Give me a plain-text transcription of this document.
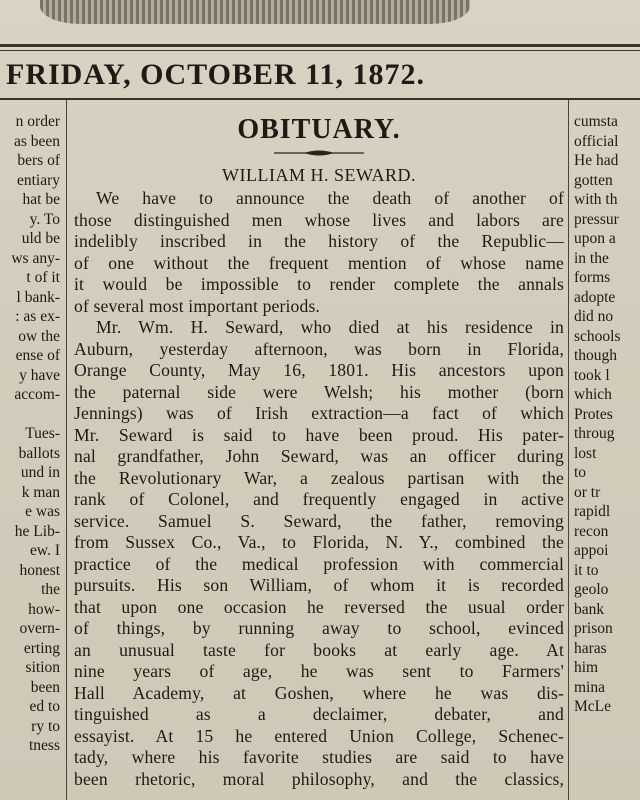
FRIDAY, OCTOBER 11, 1872.
n order
as been
bers of
entiary
hat be
y. To
uld be
ws any-
t of it
l bank-
: as ex-
ow the
ense of
y have
accom-

Tues-
ballots
und in
k man
e was
he Lib-
ew. I
honest
the
how-
overn-
erting
sition
been
ed to
ry to
tness
OBITUARY.
WILLIAM H. SEWARD.
We have to announce the death of another of
those distinguished men whose lives and labors are
indelibly inscribed in the history of the Republic—
of one without the frequent mention of whose name
it would be impossible to render complete the annals
of several most important periods.
Mr. Wm. H. Seward, who died at his residence in
Auburn, yesterday afternoon, was born in Florida,
Orange County, May 16, 1801. His ancestors upon
the paternal side were Welsh; his mother (born
Jennings) was of Irish extraction—a fact of which
Mr. Seward is said to have been proud. His pater-
nal grandfather, John Seward, was an officer during
the Revolutionary War, a zealous partisan with the
rank of Colonel, and frequently engaged in active
service. Samuel S. Seward, the father, removing
from Sussex Co., Va., to Florida, N. Y., combined the
practice of the medical profession with commercial
pursuits. His son William, of whom it is recorded
that upon one occasion he reversed the usual order
of things, by running away to school, evinced
an unusual taste for books at early age. At
nine years of age, he was sent to Farmers'
Hall Academy, at Goshen, where he was dis-
tinguished as a declaimer, debater, and
essayist. At 15 he entered Union College, Schenec-
tady, where his favorite studies are said to have
been rhetoric, moral philosophy, and the classics,
cumsta
official
He had
gotten
with th
pressur
upon a
in the
forms
adopte
did no
schools
though
took l
which
Protes
throug
lost
to
or tr
rapidl
recon
appoi
it to
geolo
bank
prison
haras
him
mina
McLe
